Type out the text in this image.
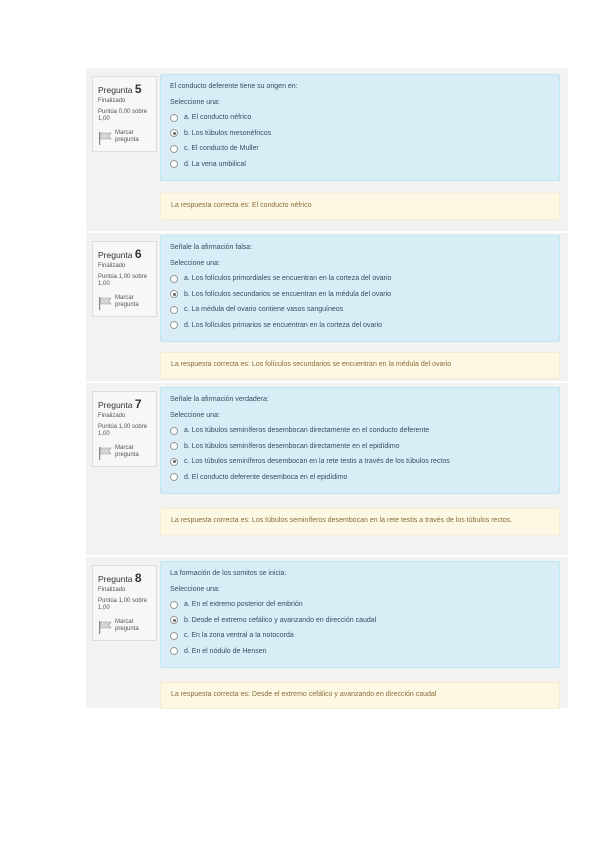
Pregunta 5
Finalizado
Puntúa 0,00 sobre 1,00
Marcar pregunta
El conducto deferente tiene su origen en:
Seleccione una:
a. El conducto néfrico
b. Los túbulos mesonéfricos
c. El conducto de Muller
d. La vena umbilical
La respuesta correcta es: El conducto néfrico
Pregunta 6
Finalizado
Puntúa 1,00 sobre 1,00
Marcar pregunta
Señale la afirmación falsa:
Seleccione una:
a. Los folículos primordiales se encuentran en la corteza del ovario
b. Los folículos secundarios se encuentran en la médula del ovario
c. La médula del ovario contiene vasos sanguíneos
d. Los folículos primarios se encuentran en la corteza del ovario
La respuesta correcta es: Los folículos secundarios se encuentran en la médula del ovario
Pregunta 7
Finalizado
Puntúa 1,00 sobre 1,00
Marcar pregunta
Señale la afirmación verdadera:
Seleccione una:
a. Los túbulos seminíferos desembocan directamente en el conducto deferente
b. Los túbulos seminíferos desembocan directamente en el epidídimo
c. Los túbulos seminíferos desembocan en la rete testis a través de los túbulos rectos
d. El conducto deferente desemboca en el epidídimo
La respuesta correcta es: Los túbulos seminíferos desembocan en la rete testis a través de los túbulos rectos.
Pregunta 8
Finalizado
Puntúa 1,00 sobre 1,00
Marcar pregunta
La formación de los somitos se inicia:
Seleccione una:
a. En el extremo posterior del embrión
b. Desde el extremo cefálico y avanzando en dirección caudal
c. En la zona ventral a la notocorda
d. En el nódulo de Hensen
La respuesta correcta es: Desde el extremo cefálico y avanzando en dirección caudal
